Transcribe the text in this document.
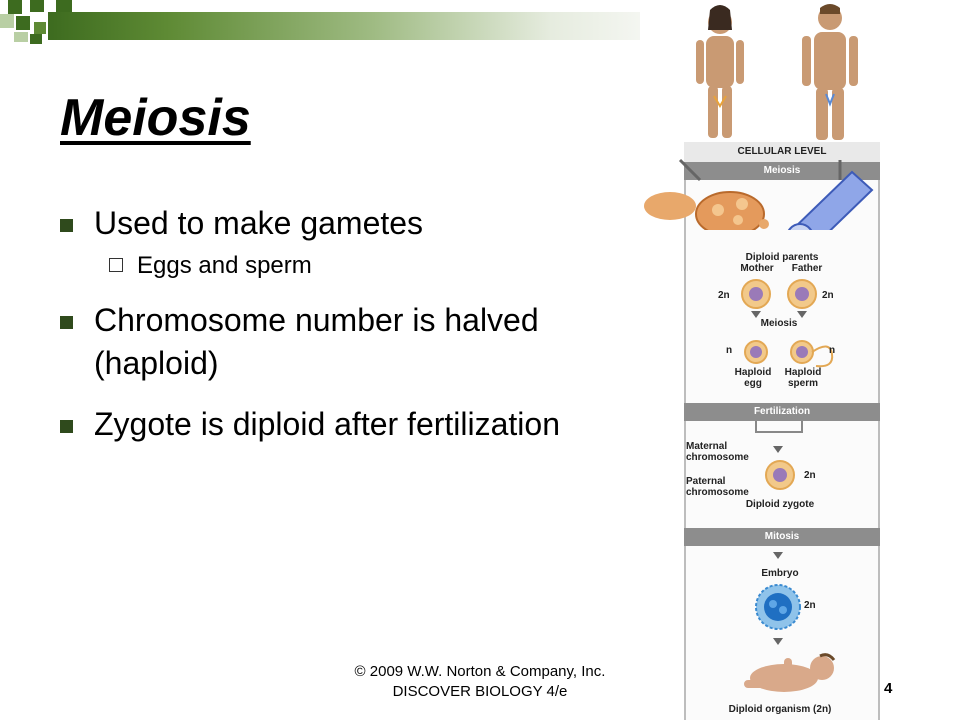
Meiosis
Used to make gametes
Eggs and sperm
Chromosome number is halved (haploid)
Zygote is diploid after fertilization
© 2009 W.W. Norton & Company, Inc.
DISCOVER BIOLOGY 4/e	4
CELLULAR LEVEL
Meiosis
Diploid parents
Mother	Father
2n	2n
Meiosis
n	n
Haploid egg
Haploid sperm
Fertilization
Maternal chromosome
Paternal chromosome
2n
Diploid zygote
Mitosis
Embryo
2n
Diploid organism (2n)
